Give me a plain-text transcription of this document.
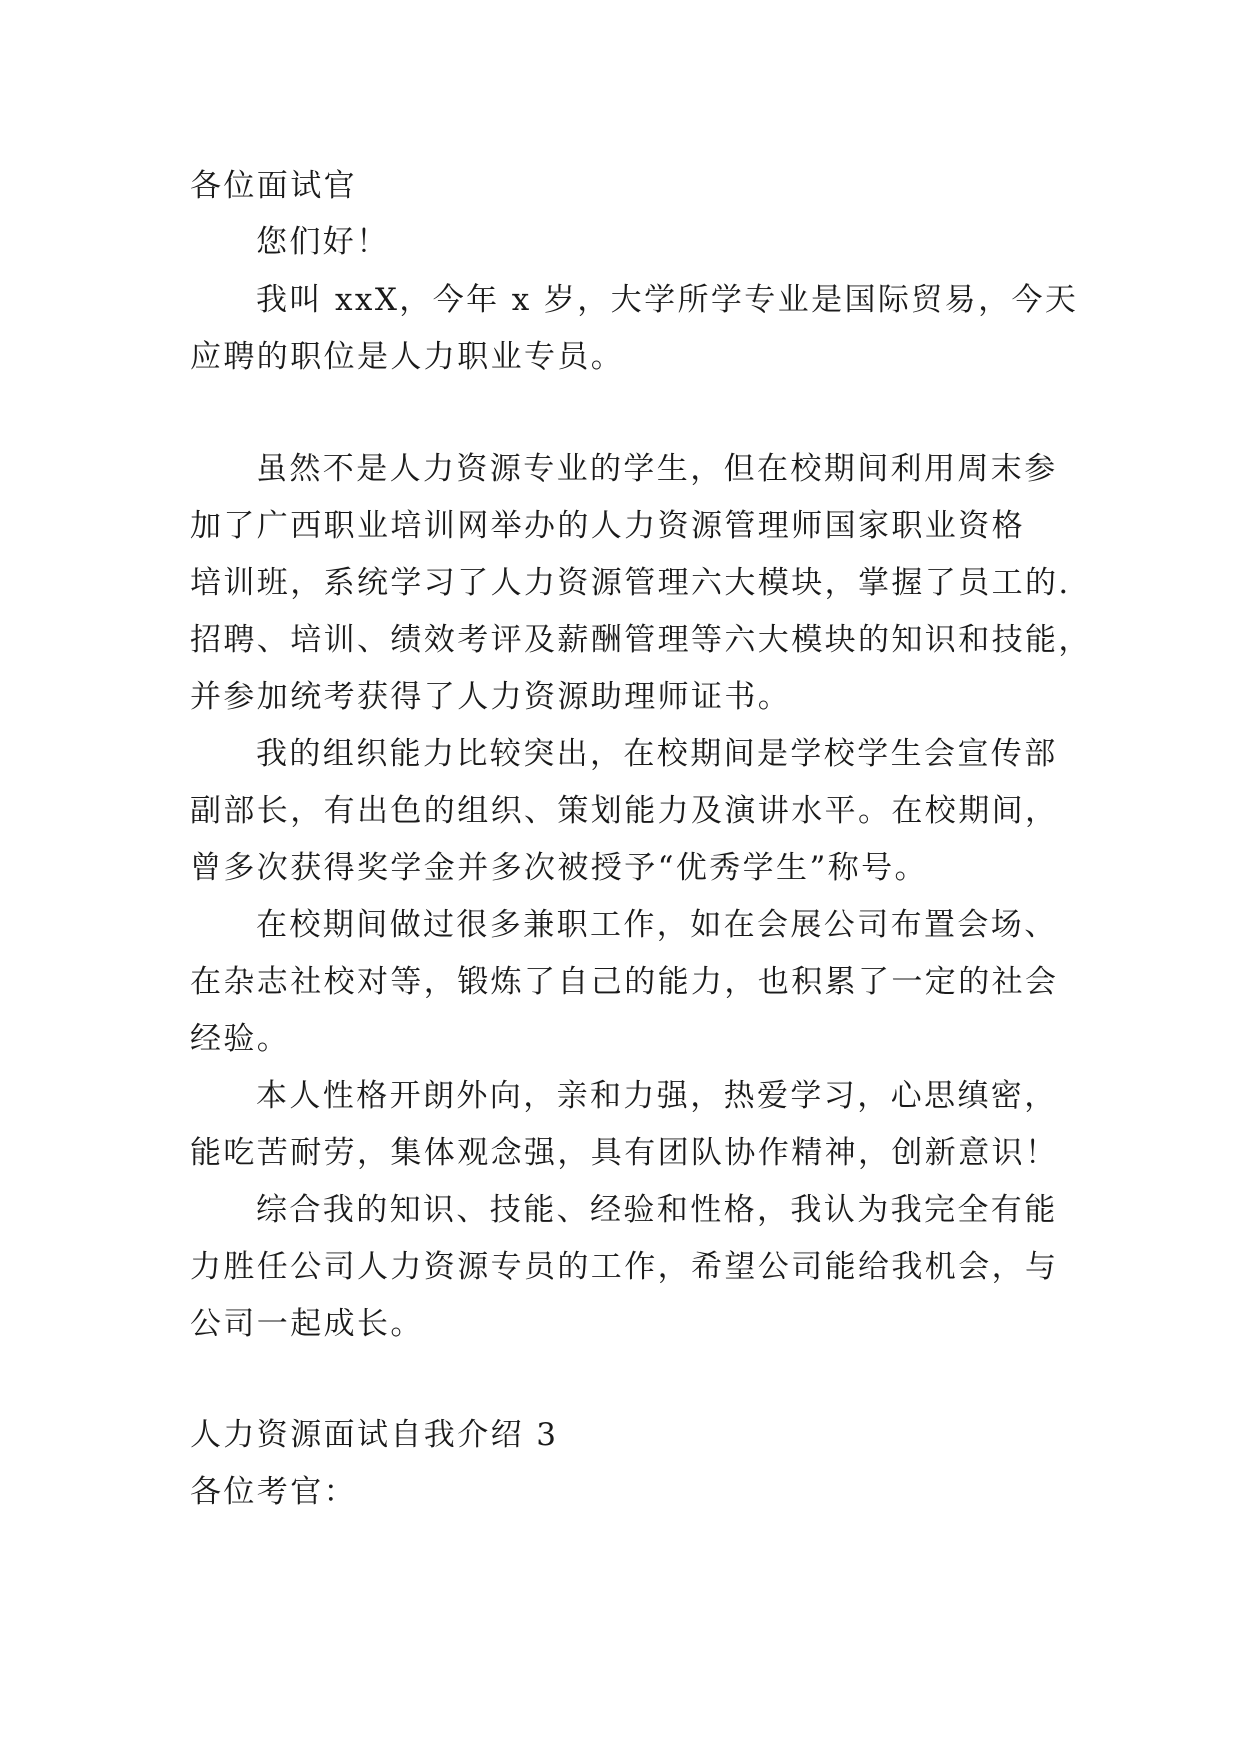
各位面试官
您们好！
我叫 xxX，今年 x 岁，大学所学专业是国际贸易，今天
应聘的职位是人力职业专员。
虽然不是人力资源专业的学生，但在校期间利用周末参
加了广西职业培训网举办的人力资源管理师国家职业资格
培训班，系统学习了人力资源管理六大模块，掌握了员工的.
招聘、培训、绩效考评及薪酬管理等六大模块的知识和技能，
并参加统考获得了人力资源助理师证书。
我的组织能力比较突出，在校期间是学校学生会宣传部
副部长，有出色的组织、策划能力及演讲水平。在校期间，
曾多次获得奖学金并多次被授予“优秀学生”称号。
在校期间做过很多兼职工作，如在会展公司布置会场、
在杂志社校对等，锻炼了自己的能力，也积累了一定的社会
经验。
本人性格开朗外向，亲和力强，热爱学习，心思缜密，
能吃苦耐劳，集体观念强，具有团队协作精神，创新意识！
综合我的知识、技能、经验和性格，我认为我完全有能
力胜任公司人力资源专员的工作，希望公司能给我机会，与
公司一起成长。
人力资源面试自我介绍 3
各位考官：
